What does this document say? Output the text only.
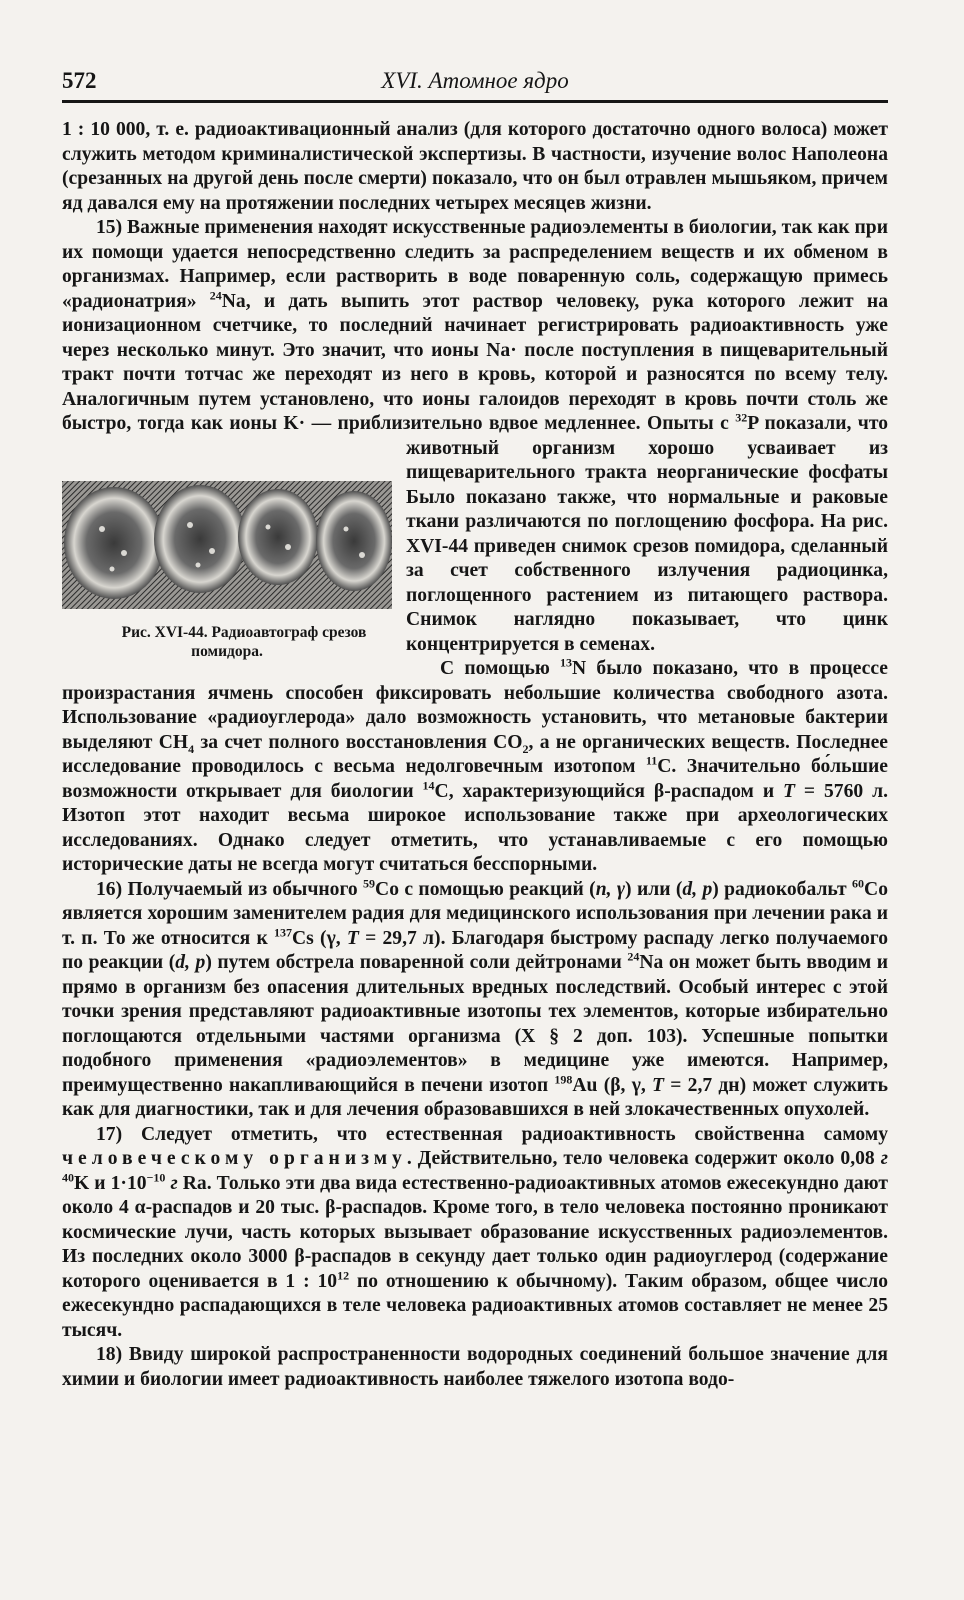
572	XVI. Атомное ядро

1 : 10 000, т. е. радиоактивационный анализ (для которого достаточно одного волоса) может служить методом криминалистической экспертизы. В частности, изучение волос Наполеона (срезанных на другой день после смерти) показало, что он был отравлен мышьяком, причем яд давался ему на протяжении последних четырех месяцев жизни.

15) Важные применения находят искусственные радиоэлементы в биологии, так как при их помощи удается непосредственно следить за распределением веществ и их обменом в организмах. Например, если растворить в воде поваренную соль, содержащую примесь «радионатрия» $^{24}$Na, и дать выпить этот раствор человеку, рука которого лежит на ионизационном счетчике, то последний начинает регистрировать радиоактивность уже через несколько минут. Это значит, что ионы Na· после поступления в пищеварительный тракт почти тотчас же переходят из него в кровь, которой и разносятся по всему телу. Аналогичным путем установлено, что ионы галоидов переходят в кровь почти столь же быстро, тогда как ионы K· — приблизительно вдвое медленнее. Опыты с $^{32}$
Рис. XVI-44. Радиоавтограф срезов помидора.
P показали, что животный организм хорошо усваивает из пищеварительного тракта неорганические фосфаты Было показано также, что нормальные и раковые ткани различаются по поглощению фосфора. На рис. XVI-44 приведен снимок срезов помидора, сделанный за счет собственного излучения радиоцинка, поглощенного растением из питающего раствора. Снимок наглядно показывает, что цинк концентрируется в семенах.

С помощью $^{13}$N было показано, что в процессе произрастания ячмень способен фиксировать небольшие количества свободного азота. Использование «радиоуглерода» дало возможность установить, что метановые бактерии выделяют $CH_4$ за счет полного восстановления $CO_2$, а не органических веществ. Последнее исследование проводилось с весьма недолговечным изотопом $^{11}$C. Значительно бо́льшие возможности открывает для биологии $^{14}$C, характеризующийся β-распадом и T = 5760 л. Изотоп этот находит весьма широкое использование также при археологических исследованиях. Однако следует отметить, что устанавливаемые с его помощью исторические даты не всегда могут считаться бесспорными.

16) Получаемый из обычного $^{59}$Co с помощью реакций (n, γ) или (d, p) радиокобальт $^{60}$Co является хорошим заменителем радия для медицинского использования при лечении рака и т. п. То же относится к $^{137}$Cs (γ, T = 29,7 л). Благодаря быстрому распаду легко получаемого по реакции (d, p) путем обстрела поваренной соли дейтронами $^{24}$Na он может быть вводим и прямо в организм без опасения длительных вредных последствий. Особый интерес с этой точки зрения представляют радиоактивные изотопы тех элементов, которые избирательно поглощаются отдельными частями организма (X § 2 доп. 103). Успешные попытки подобного применения «радиоэлементов» в медицине уже имеются. Например, преимущественно накапливающийся в печени изотоп $^{198}$Au (β, γ, T = 2,7 дн) может служить как для диагностики, так и для лечения образовавшихся в ней злокачественных опухолей.

17) Следует отметить, что естественная радиоактивность свойственна самому человеческому организму. Действительно, тело человека содержит около 0,08 г $^{40}$K и $1\cdot 10^{-10}$ г Ra. Только эти два вида естественно-радиоактивных атомов ежесекундно дают около 4 α-распадов и 20 тыс. β-распадов. Кроме того, в тело человека постоянно проникают космические лучи, часть которых вызывает образование искусственных радиоэлементов. Из последних около 3000 β-распадов в секунду дает только один радиоуглерод (содержание которого оценивается в 1 : $10^{12}$ по отношению к обычному). Таким образом, общее число ежесекундно распадающихся в теле человека радиоактивных атомов составляет не менее 25 тысяч.

18) Ввиду широкой распространенности водородных соединений большое значение для химии и биологии имеет радиоактивность наиболее тяжелого изотопа водо-
